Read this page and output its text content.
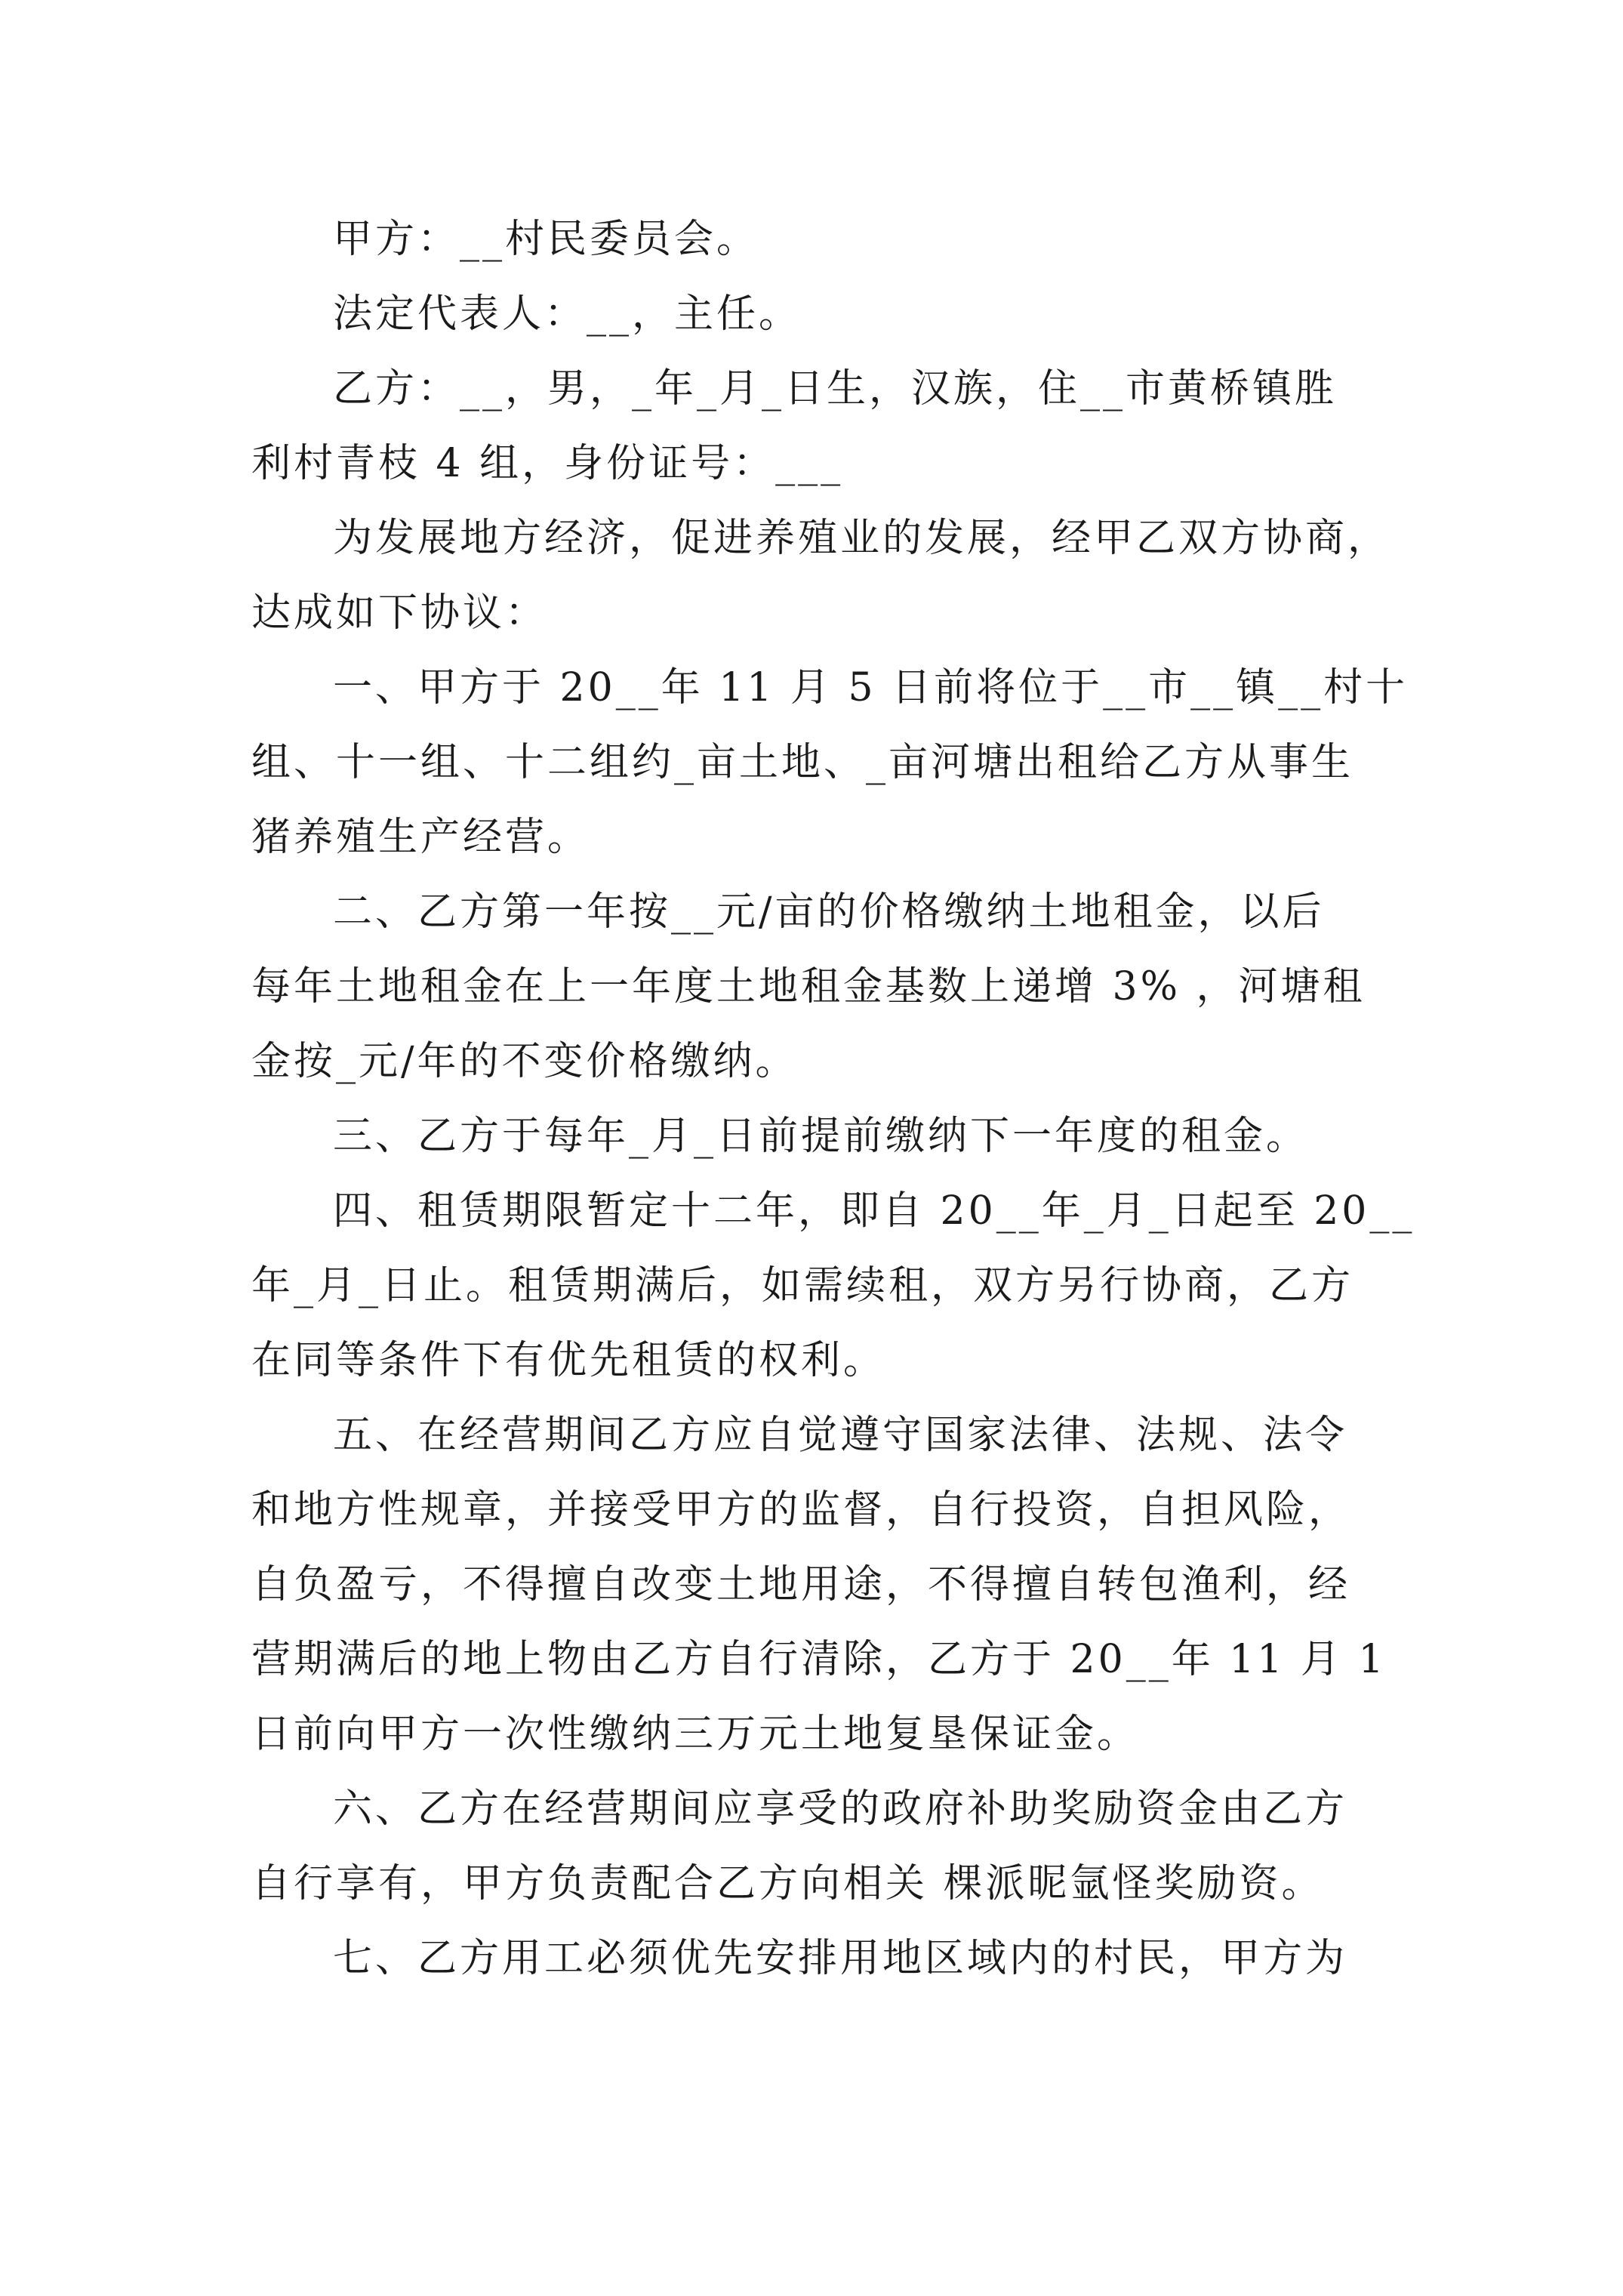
甲方：__村民委员会。

法定代表人：__，主任。

乙方：__，男，_年_月_日生，汉族，住__市黄桥镇胜
利村青枝 4 组，身份证号：___

为发展地方经济，促进养殖业的发展，经甲乙双方协商，
达成如下协议：

一、甲方于 20__年 11 月 5 日前将位于__市__镇__村十
组、十一组、十二组约_亩土地、_亩河塘出租给乙方从事生
猪养殖生产经营。

二、乙方第一年按__元/亩的价格缴纳土地租金，以后
每年土地租金在上一年度土地租金基数上递增 3% ，河塘租
金按_元/年的不变价格缴纳。

三、乙方于每年_月_日前提前缴纳下一年度的租金。

四、租赁期限暂定十二年，即自 20__年_月_日起至 20__
年_月_日止。租赁期满后，如需续租，双方另行协商，乙方
在同等条件下有优先租赁的权利。

五、在经营期间乙方应自觉遵守国家法律、法规、法令
和地方性规章，并接受甲方的监督，自行投资，自担风险，
自负盈亏，不得擅自改变土地用途，不得擅自转包渔利，经
营期满后的地上物由乙方自行清除，乙方于 20__年 11 月 1
日前向甲方一次性缴纳三万元土地复垦保证金。

六、乙方在经营期间应享受的政府补助奖励资金由乙方
自行享有，甲方负责配合乙方向相关 棵派昵氩怪奖励资。

七、乙方用工必须优先安排用地区域内的村民，甲方为
